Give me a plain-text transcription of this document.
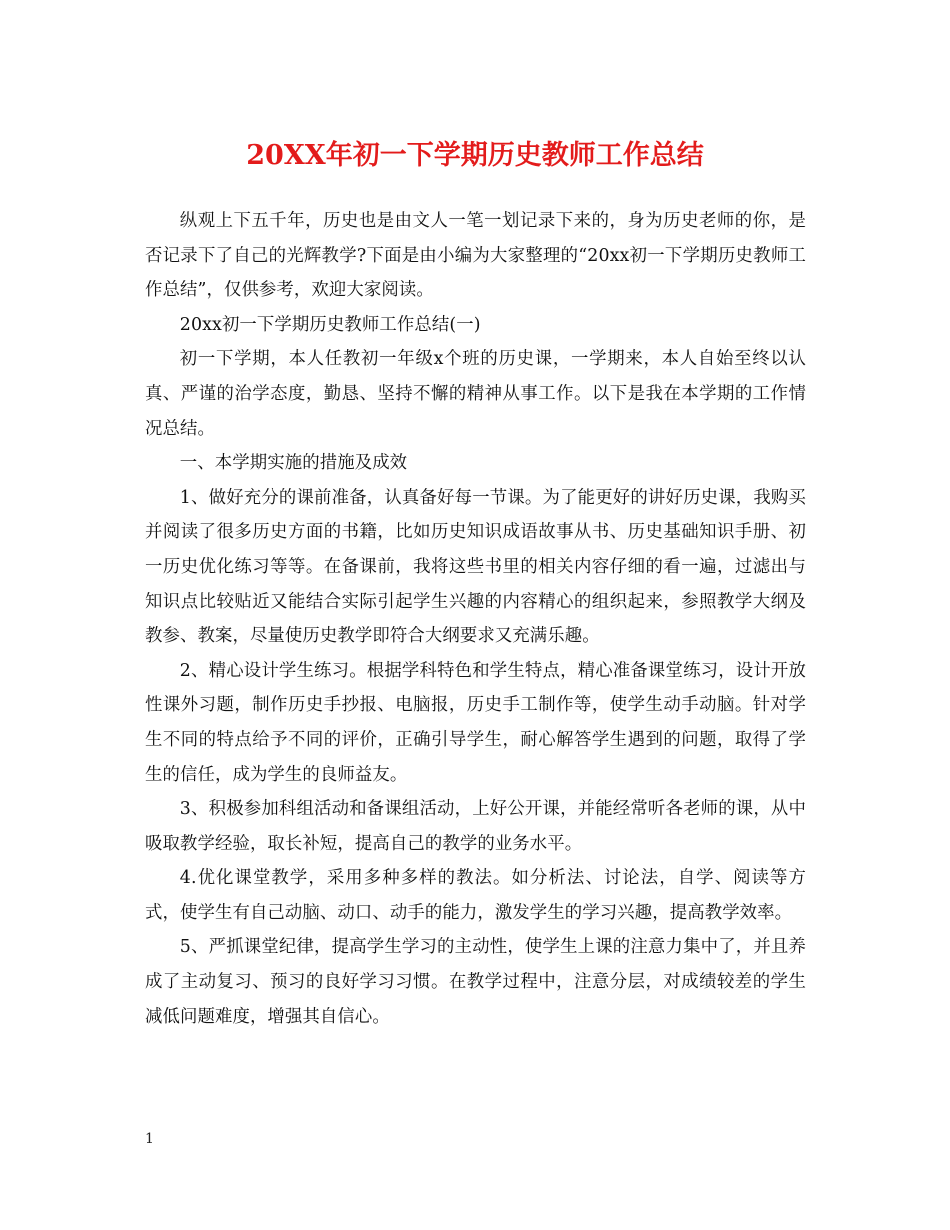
20XX年初一下学期历史教师工作总结

纵观上下五千年，历史也是由文人一笔一划记录下来的，身为历史老师的你，是否记录下了自己的光辉教学?下面是由小编为大家整理的“20xx初一下学期历史教师工作总结”，仅供参考，欢迎大家阅读。

20xx初一下学期历史教师工作总结(一)

初一下学期，本人任教初一年级x个班的历史课，一学期来，本人自始至终以认真、严谨的治学态度，勤恳、坚持不懈的精神从事工作。以下是我在本学期的工作情况总结。

一、本学期实施的措施及成效

1、做好充分的课前准备，认真备好每一节课。为了能更好的讲好历史课，我购买并阅读了很多历史方面的书籍，比如历史知识成语故事从书、历史基础知识手册、初一历史优化练习等等。在备课前，我将这些书里的相关内容仔细的看一遍，过滤出与知识点比较贴近又能结合实际引起学生兴趣的内容精心的组织起来，参照教学大纲及教参、教案，尽量使历史教学即符合大纲要求又充满乐趣。

2、精心设计学生练习。根据学科特色和学生特点，精心准备课堂练习，设计开放性课外习题，制作历史手抄报、电脑报，历史手工制作等，使学生动手动脑。针对学生不同的特点给予不同的评价，正确引导学生，耐心解答学生遇到的问题，取得了学生的信任，成为学生的良师益友。

3、积极参加科组活动和备课组活动，上好公开课，并能经常听各老师的课，从中吸取教学经验，取长补短，提高自己的教学的业务水平。

4.优化课堂教学，采用多种多样的教法。如分析法、讨论法，自学、阅读等方式，使学生有自己动脑、动口、动手的能力，激发学生的学习兴趣，提高教学效率。

5、严抓课堂纪律，提高学生学习的主动性，使学生上课的注意力集中了，并且养成了主动复习、预习的良好学习习惯。在教学过程中，注意分层，对成绩较差的学生减低问题难度，增强其自信心。

1
